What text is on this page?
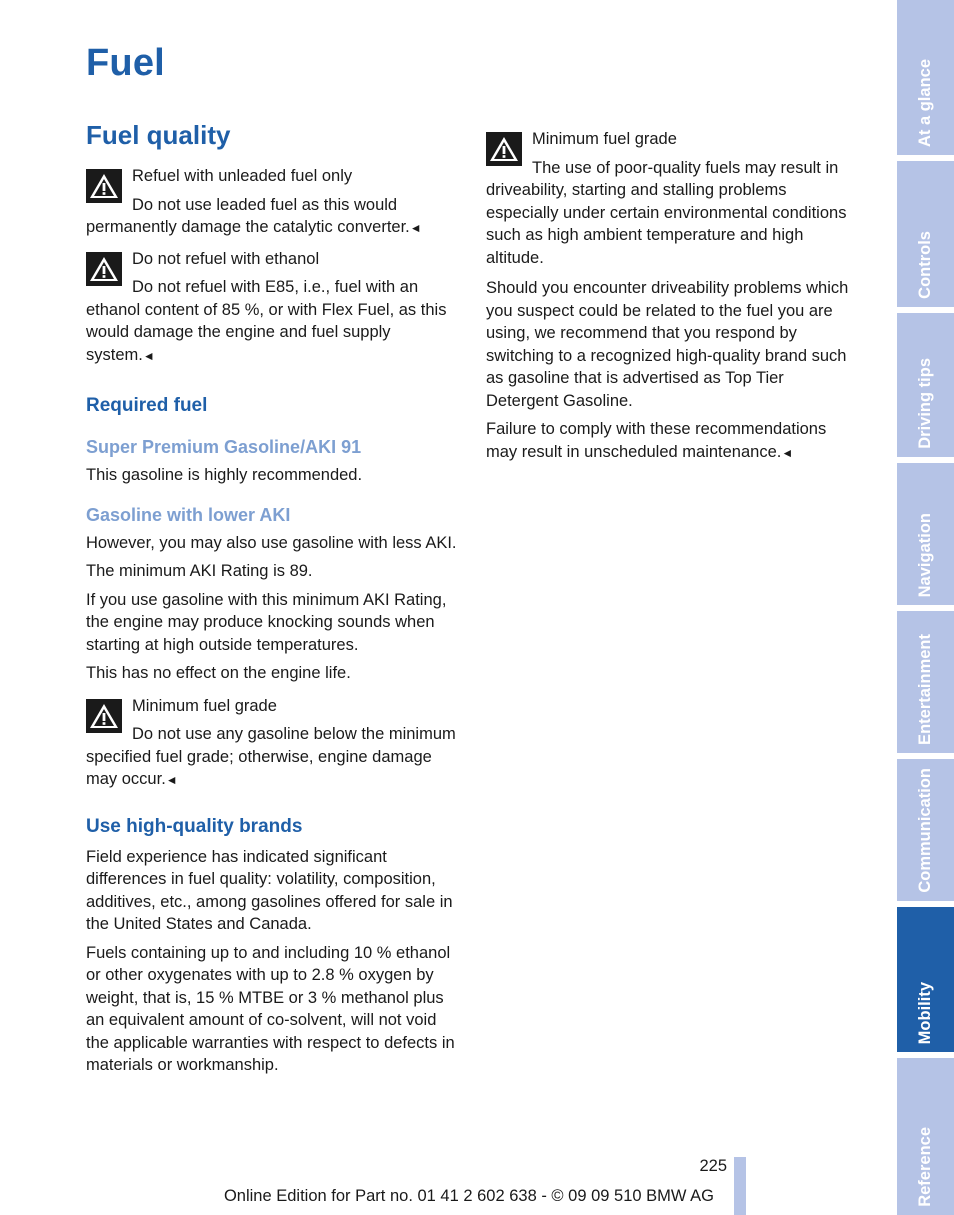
Fuel
Fuel quality
Refuel with unleaded fuel only
Do not use leaded fuel as this would permanently damage the catalytic converter.◄
Do not refuel with ethanol
Do not refuel with E85, i.e., fuel with an ethanol content of 85 %, or with Flex Fuel, as this would damage the engine and fuel supply system.◄
Required fuel
Super Premium Gasoline/AKI 91

This gasoline is highly recommended.

Gasoline with lower AKI

However, you may also use gasoline with less AKI.

The minimum AKI Rating is 89.

If you use gasoline with this minimum AKI Rating, the engine may produce knocking sounds when starting at high outside temperatures.

This has no effect on the engine life.

Minimum fuel grade
Do not use any gasoline below the minimum specified fuel grade; otherwise, engine damage may occur.◄
Use high-quality brands

Field experience has indicated significant differences in fuel quality: volatility, composition, additives, etc., among gasolines offered for sale in the United States and Canada.

Fuels containing up to and including 10 % ethanol or other oxygenates with up to 2.8 % oxygen by weight, that is, 15 % MTBE or 3 % methanol plus an equivalent amount of co-solvent, will not void the applicable warranties with respect to defects in materials or workmanship.

Minimum fuel grade
The use of poor-quality fuels may result in driveability, starting and stalling problems especially under certain environmental conditions such as high ambient temperature and high altitude.

Should you encounter driveability problems which you suspect could be related to the fuel you are using, we recommend that you respond by switching to a recognized high-quality brand such as gasoline that is advertised as Top Tier Detergent Gasoline.

Failure to comply with these recommendations may result in unscheduled maintenance.◄

At a glance
Controls
Driving tips
Navigation
Entertainment
Communication
Mobility
Reference
225
Online Edition for Part no. 01 41 2 602 638 - © 09 09 510 BMW AG
